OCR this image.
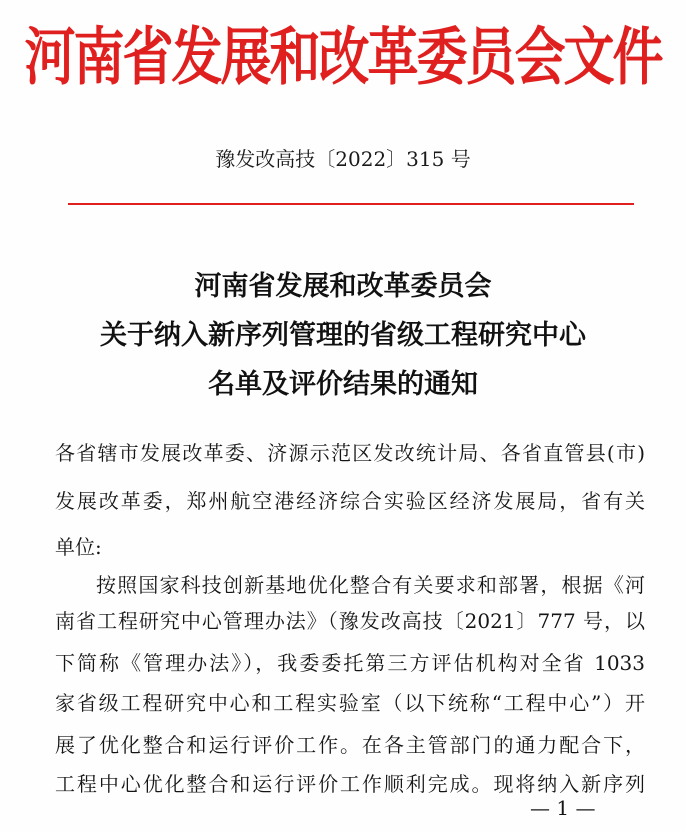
河南省发展和改革委员会文件
豫发改高技〔2022〕315 号
河南省发展和改革委员会
关于纳入新序列管理的省级工程研究中心
名单及评价结果的通知
各省辖市发展改革委、济源示范区发改统计局、各省直管县(市)
发展改革委，郑州航空港经济综合实验区经济发展局，省有关
单位:
按照国家科技创新基地优化整合有关要求和部署，根据《河
南省工程研究中心管理办法》（豫发改高技〔2021〕777 号，以
下简称《管理办法》），我委委托第三方评估机构对全省 1033
家省级工程研究中心和工程实验室（以下统称“工程中心”）开
展了优化整合和运行评价工作。在各主管部门的通力配合下，
工程中心优化整合和运行评价工作顺利完成。现将纳入新序列
— 1 —
